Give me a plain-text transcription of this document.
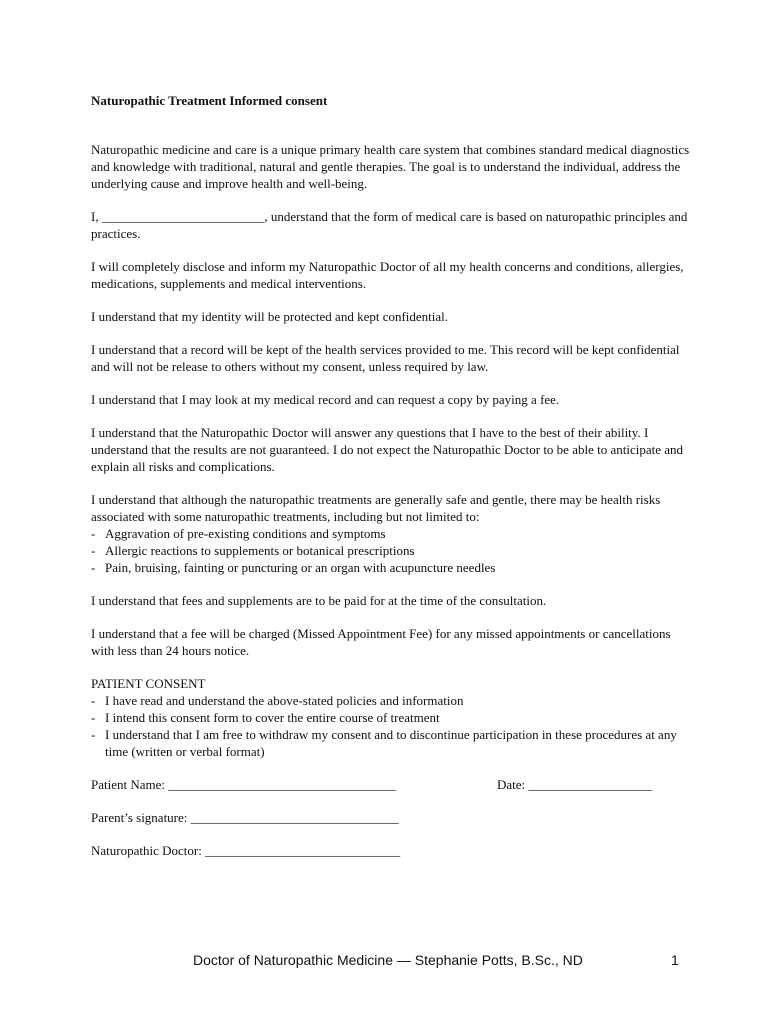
Naturopathic Treatment Informed consent

Naturopathic medicine and care is a unique primary health care system that combines standard medical diagnostics and knowledge with traditional, natural and gentle therapies. The goal is to understand the individual, address the underlying cause and improve health and well-being.

I, _________________________, understand that the form of medical care is based on naturopathic principles and practices.

I will completely disclose and inform my Naturopathic Doctor of all my health concerns and conditions, allergies, medications, supplements and medical interventions.

I understand that my identity will be protected and kept confidential.

I understand that a record will be kept of the health services provided to me. This record will be kept confidential and will not be release to others without my consent, unless required by law.

I understand that I may look at my medical record and can request a copy by paying a fee.

I understand that the Naturopathic Doctor will answer any questions that I have to the best of their ability. I understand that the results are not guaranteed. I do not expect the Naturopathic Doctor to be able to anticipate and explain all risks and complications.

I understand that although the naturopathic treatments are generally safe and gentle, there may be health risks associated with some naturopathic treatments, including but not limited to:

- Aggravation of pre-existing conditions and symptoms
- Allergic reactions to supplements or botanical prescriptions
- Pain, bruising, fainting or puncturing or an organ with acupuncture needles

I understand that fees and supplements are to be paid for at the time of the consultation.

I understand that a fee will be charged (Missed Appointment Fee) for any missed appointments or cancellations with less than 24 hours notice.

PATIENT CONSENT

- I have read and understand the above-stated policies and information
- I intend this consent form to cover the entire course of treatment
- I understand that I am free to withdraw my consent and to discontinue participation in these procedures at any time (written or verbal format)
Patient Name: ___________________________________	Date: ___________________
Parent’s signature: ________________________________
Naturopathic Doctor: ______________________________
Doctor of Naturopathic Medicine — Stephanie Potts, B.Sc., ND	1
